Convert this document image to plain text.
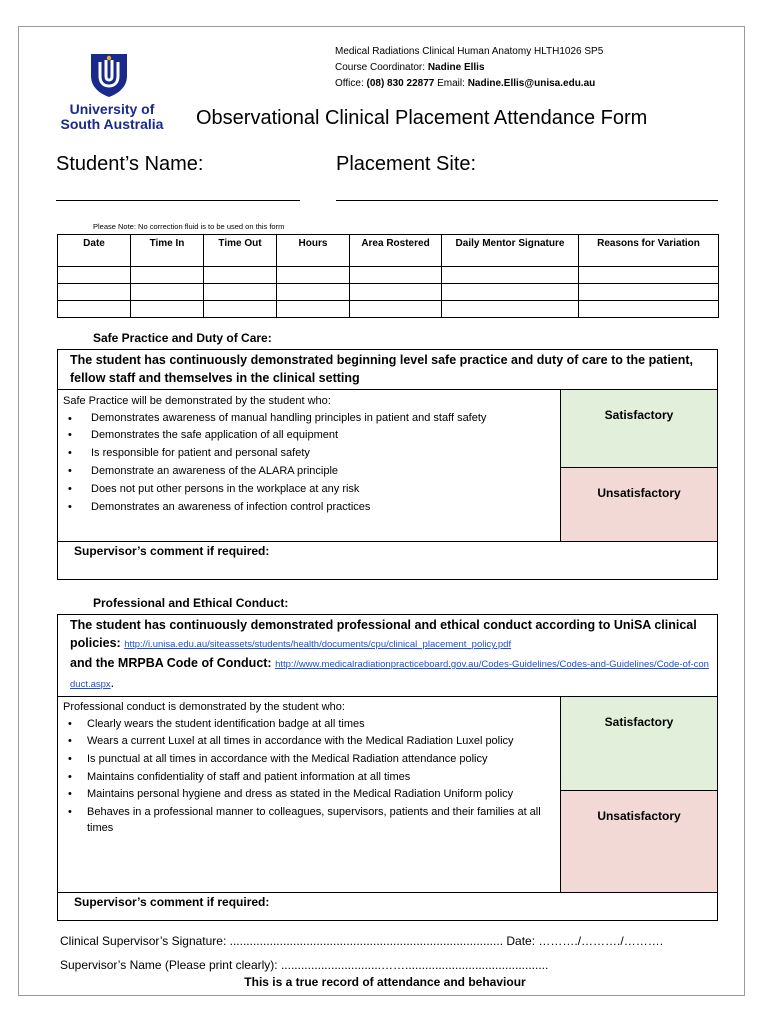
University of
South Australia
Medical Radiations Clinical Human Anatomy HLTH1026 SP5
Course Coordinator: Nadine Ellis
Office: (08) 830 22877 Email: Nadine.Ellis@unisa.edu.au
Observational Clinical Placement Attendance Form
Student’s Name:	Placement Site:
Please Note: No correction fluid is to be used on this form
Date	Time In	Time Out	Hours	Area Rostered	Daily Mentor Signature	Reasons for Variation

Safe Practice and Duty of Care:
The student has continuously demonstrated beginning level safe practice and duty of care to the patient, fellow staff and themselves in the clinical setting
Safe Practice will be demonstrated by the student who:
• Demonstrates awareness of manual handling principles in patient and staff safety
• Demonstrates the safe application of all equipment
• Is responsible for patient and personal safety
• Demonstrate an awareness of the ALARA principle
• Does not put other persons in the workplace at any risk
• Demonstrates an awareness of infection control practices
Satisfactory
Unsatisfactory
Supervisor’s comment if required:
Professional and Ethical Conduct:
The student has continuously demonstrated professional and ethical conduct according to UniSA clinical policies: http://i.unisa.edu.au/siteassets/students/health/documents/cpu/clinical_placement_policy.pdf
and the MRPBA Code of Conduct: http://www.medicalradiationpracticeboard.gov.au/Codes-Guidelines/Codes-and-Guidelines/Code-of-conduct.aspx.
Professional conduct is demonstrated by the student who:
• Clearly wears the student identification badge at all times
• Wears a current Luxel at all times in accordance with the Medical Radiation Luxel policy
• Is punctual at all times in accordance with the Medical Radiation attendance policy
• Maintains confidentiality of staff and patient information at all times
• Maintains personal hygiene and dress as stated in the Medical Radiation Uniform policy
• Behaves in a professional manner to colleagues, supervisors, patients and their families at all times
Satisfactory
Unsatisfactory
Supervisor’s comment if required:
Clinical Supervisor’s Signature: .................................................................................. Date: ………./………./……….
Supervisor’s Name (Please print clearly): ..............................……...........................................
This is a true record of attendance and behaviour
